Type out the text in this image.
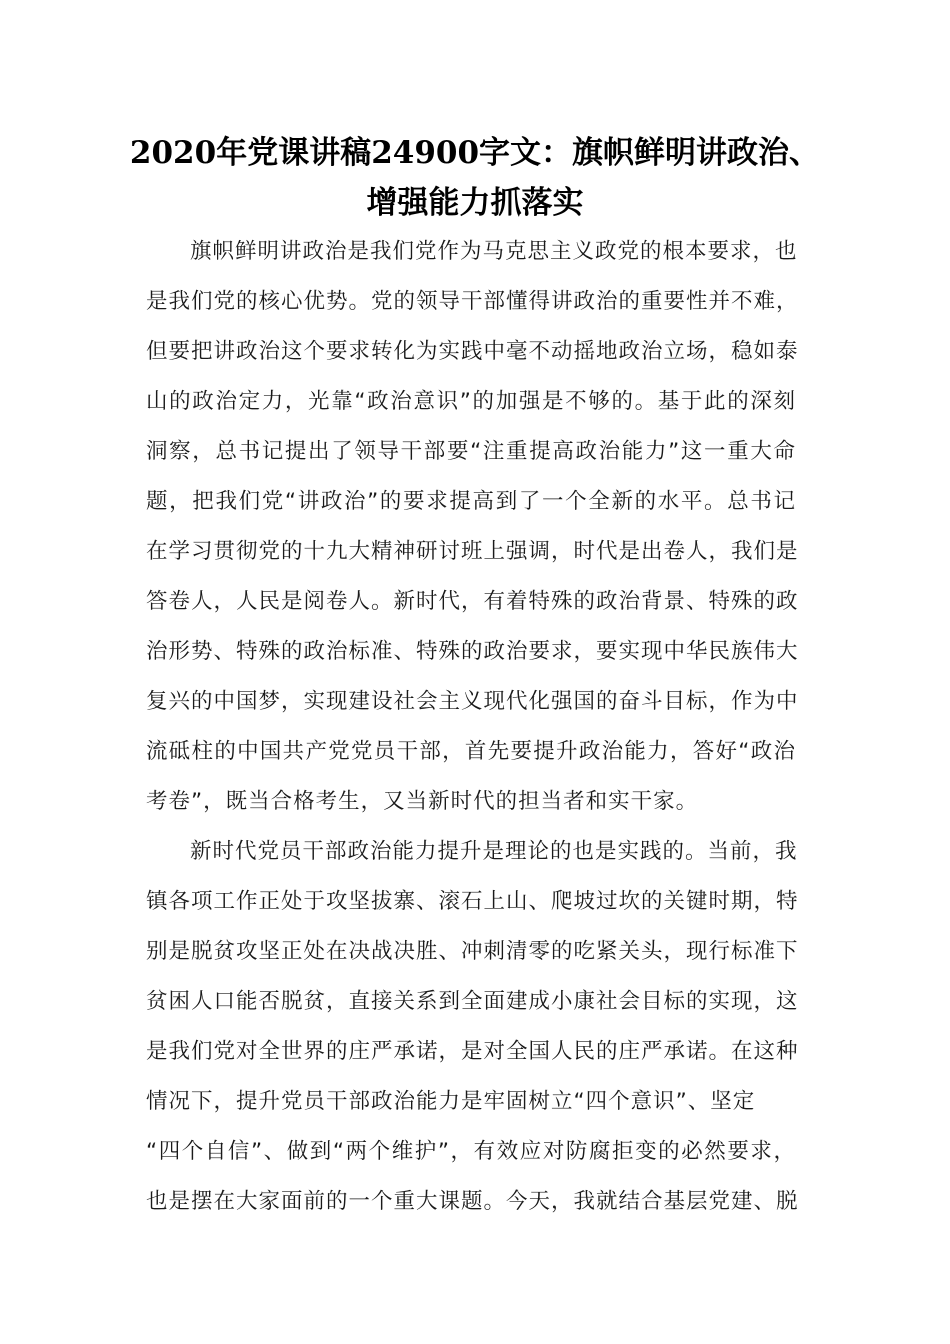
2020年党课讲稿24900字文：旗帜鲜明讲政治、
增强能力抓落实
旗帜鲜明讲政治是我们党作为马克思主义政党的根本要求，也
是我们党的核心优势。党的领导干部懂得讲政治的重要性并不难，
但要把讲政治这个要求转化为实践中毫不动摇地政治立场，稳如泰
山的政治定力，光靠“政治意识”的加强是不够的。基于此的深刻
洞察，总书记提出了领导干部要“注重提高政治能力”这一重大命
题，把我们党“讲政治”的要求提高到了一个全新的水平。总书记
在学习贯彻党的十九大精神研讨班上强调，时代是出卷人，我们是
答卷人，人民是阅卷人。新时代，有着特殊的政治背景、特殊的政
治形势、特殊的政治标准、特殊的政治要求，要实现中华民族伟大
复兴的中国梦，实现建设社会主义现代化强国的奋斗目标，作为中
流砥柱的中国共产党党员干部，首先要提升政治能力，答好“政治
考卷”，既当合格考生，又当新时代的担当者和实干家。
新时代党员干部政治能力提升是理论的也是实践的。当前，我
镇各项工作正处于攻坚拔寨、滚石上山、爬坡过坎的关键时期，特
别是脱贫攻坚正处在决战决胜、冲刺清零的吃紧关头，现行标准下
贫困人口能否脱贫，直接关系到全面建成小康社会目标的实现，这
是我们党对全世界的庄严承诺，是对全国人民的庄严承诺。在这种
情况下，提升党员干部政治能力是牢固树立“四个意识”、坚定
“四个自信”、做到“两个维护”，有效应对防腐拒变的必然要求，
也是摆在大家面前的一个重大课题。今天，我就结合基层党建、脱
